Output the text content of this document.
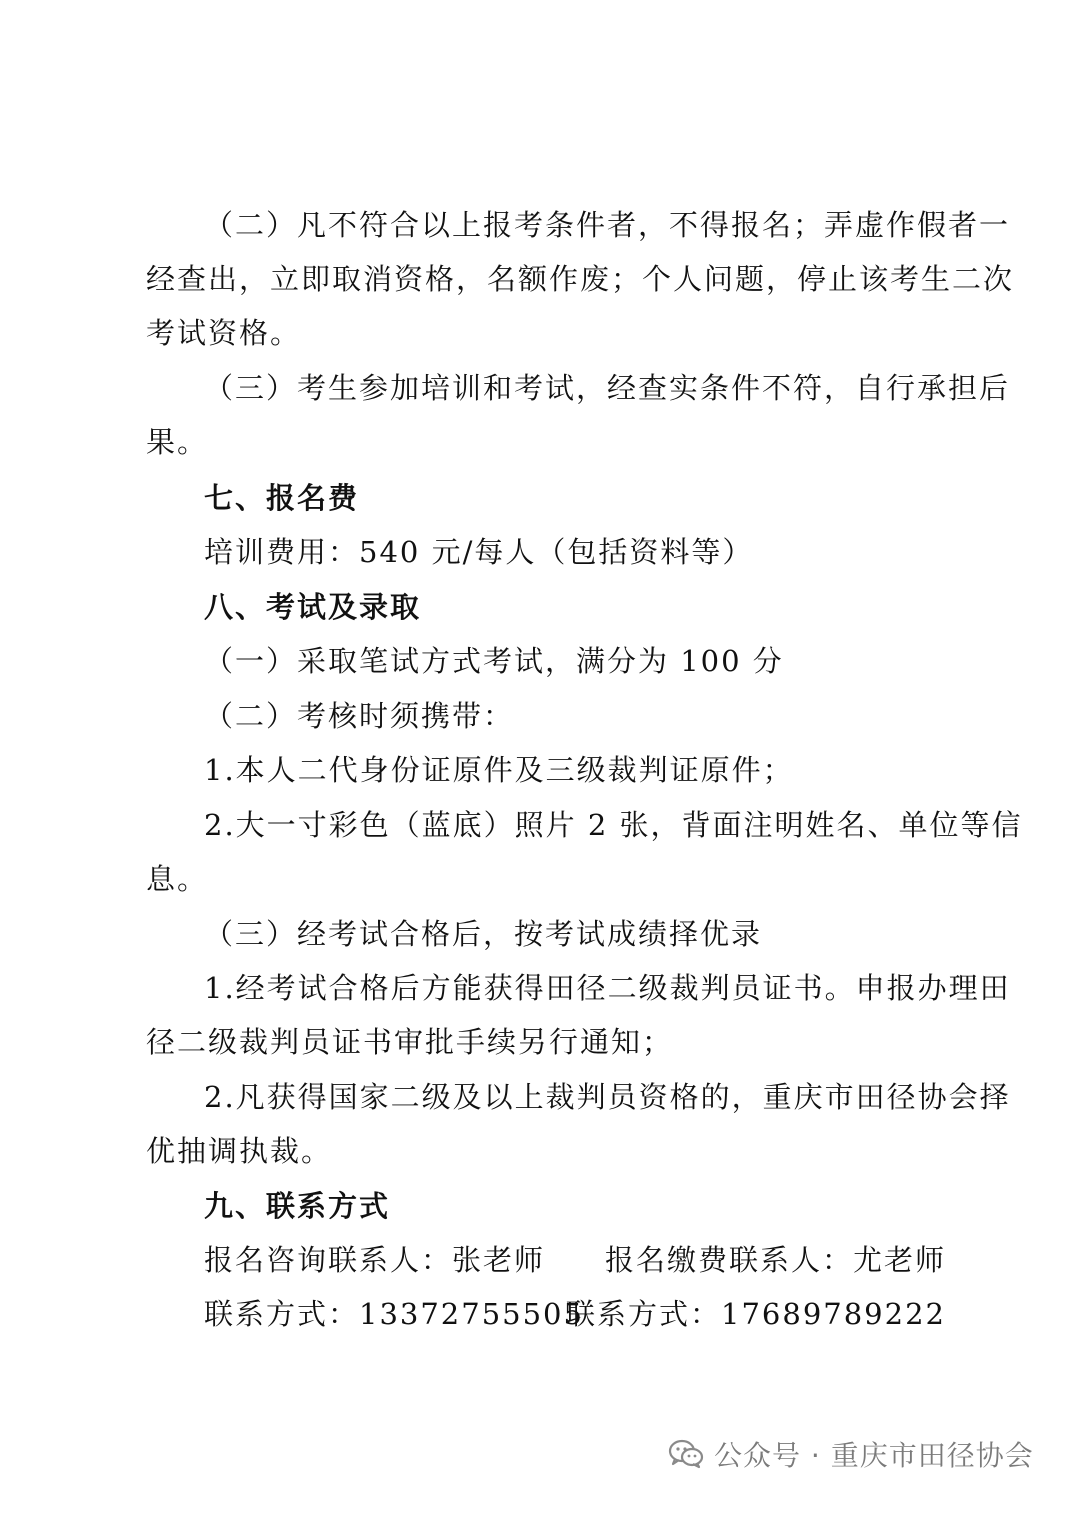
（二）凡不符合以上报考条件者，不得报名；弄虚作假者一
经查出，立即取消资格，名额作废；个人问题，停止该考生二次
考试资格。
（三）考生参加培训和考试，经查实条件不符，自行承担后
果。
七、报名费
培训费用：540 元/每人（包括资料等）
八、考试及录取
（一）采取笔试方式考试，满分为 100 分
（二）考核时须携带：
1.本人二代身份证原件及三级裁判证原件；
2.大一寸彩色（蓝底）照片 2 张，背面注明姓名、单位等信
息。
（三）经考试合格后，按考试成绩择优录
1.经考试合格后方能获得田径二级裁判员证书。申报办理田
径二级裁判员证书审批手续另行通知；
2.凡获得国家二级及以上裁判员资格的，重庆市田径协会择
优抽调执裁。
九、联系方式
报名咨询联系人：张老师 报名缴费联系人：尤老师
联系方式：13372755505
联系方式：17689789222
公众号 · 重庆市田径协会
